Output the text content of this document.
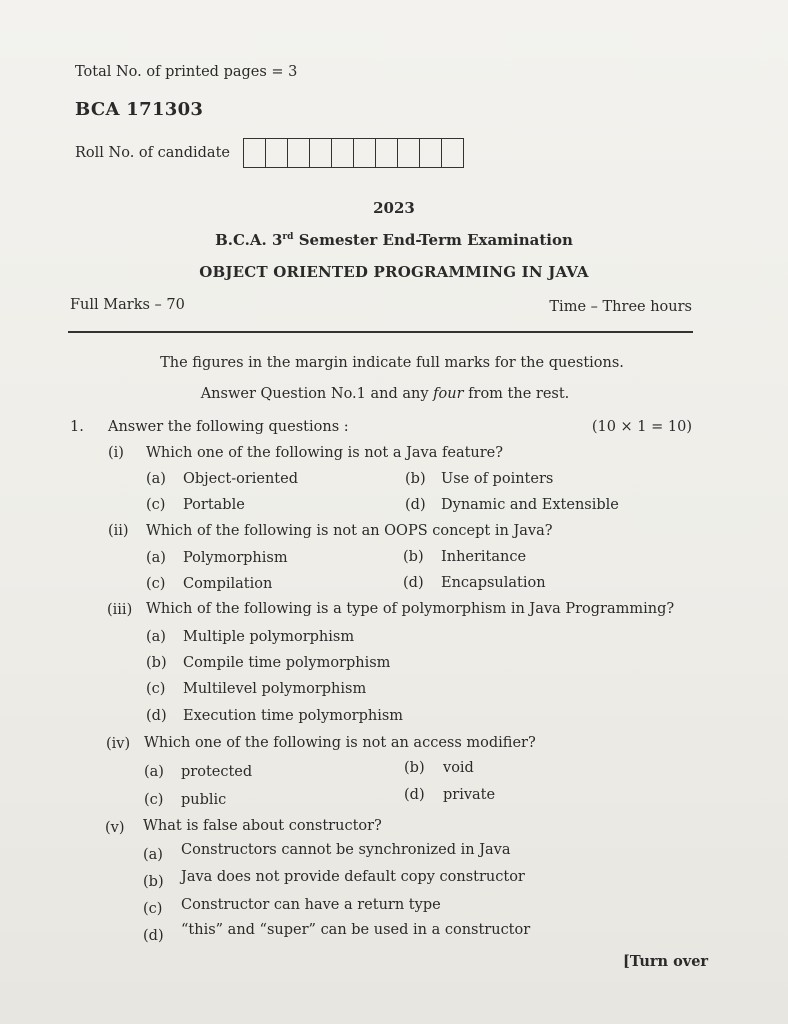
Total No. of printed pages = 3
BCA 171303
Roll No. of candidate
2023
B.C.A. 3rd Semester End-Term Examination
OBJECT ORIENTED PROGRAMMING IN JAVA
Full Marks – 70	Time – Three hours
The figures in the margin indicate full marks for the questions.
Answer Question No.1 and any four from the rest.
1. Answer the following questions :	(10 × 1 = 10)
(i) Which one of the following is not a Java feature?
(a) Object-oriented	(b) Use of pointers
(c) Portable	(d) Dynamic and Extensible
(ii) Which of the following is not an OOPS concept in Java?
(a) Polymorphism	(b) Inheritance
(c) Compilation	(d) Encapsulation
(iii) Which of the following is a type of polymorphism in Java Programming?
(a) Multiple polymorphism
(b) Compile time polymorphism
(c) Multilevel polymorphism
(d) Execution time polymorphism
(iv) Which one of the following is not an access modifier?
(a) protected	(b) void
(c) public	(d) private
(v) What is false about constructor?
(a) Constructors cannot be synchronized in Java
(b) Java does not provide default copy constructor
(c) Constructor can have a return type
(d) “this” and “super” can be used in a constructor
[Turn over
